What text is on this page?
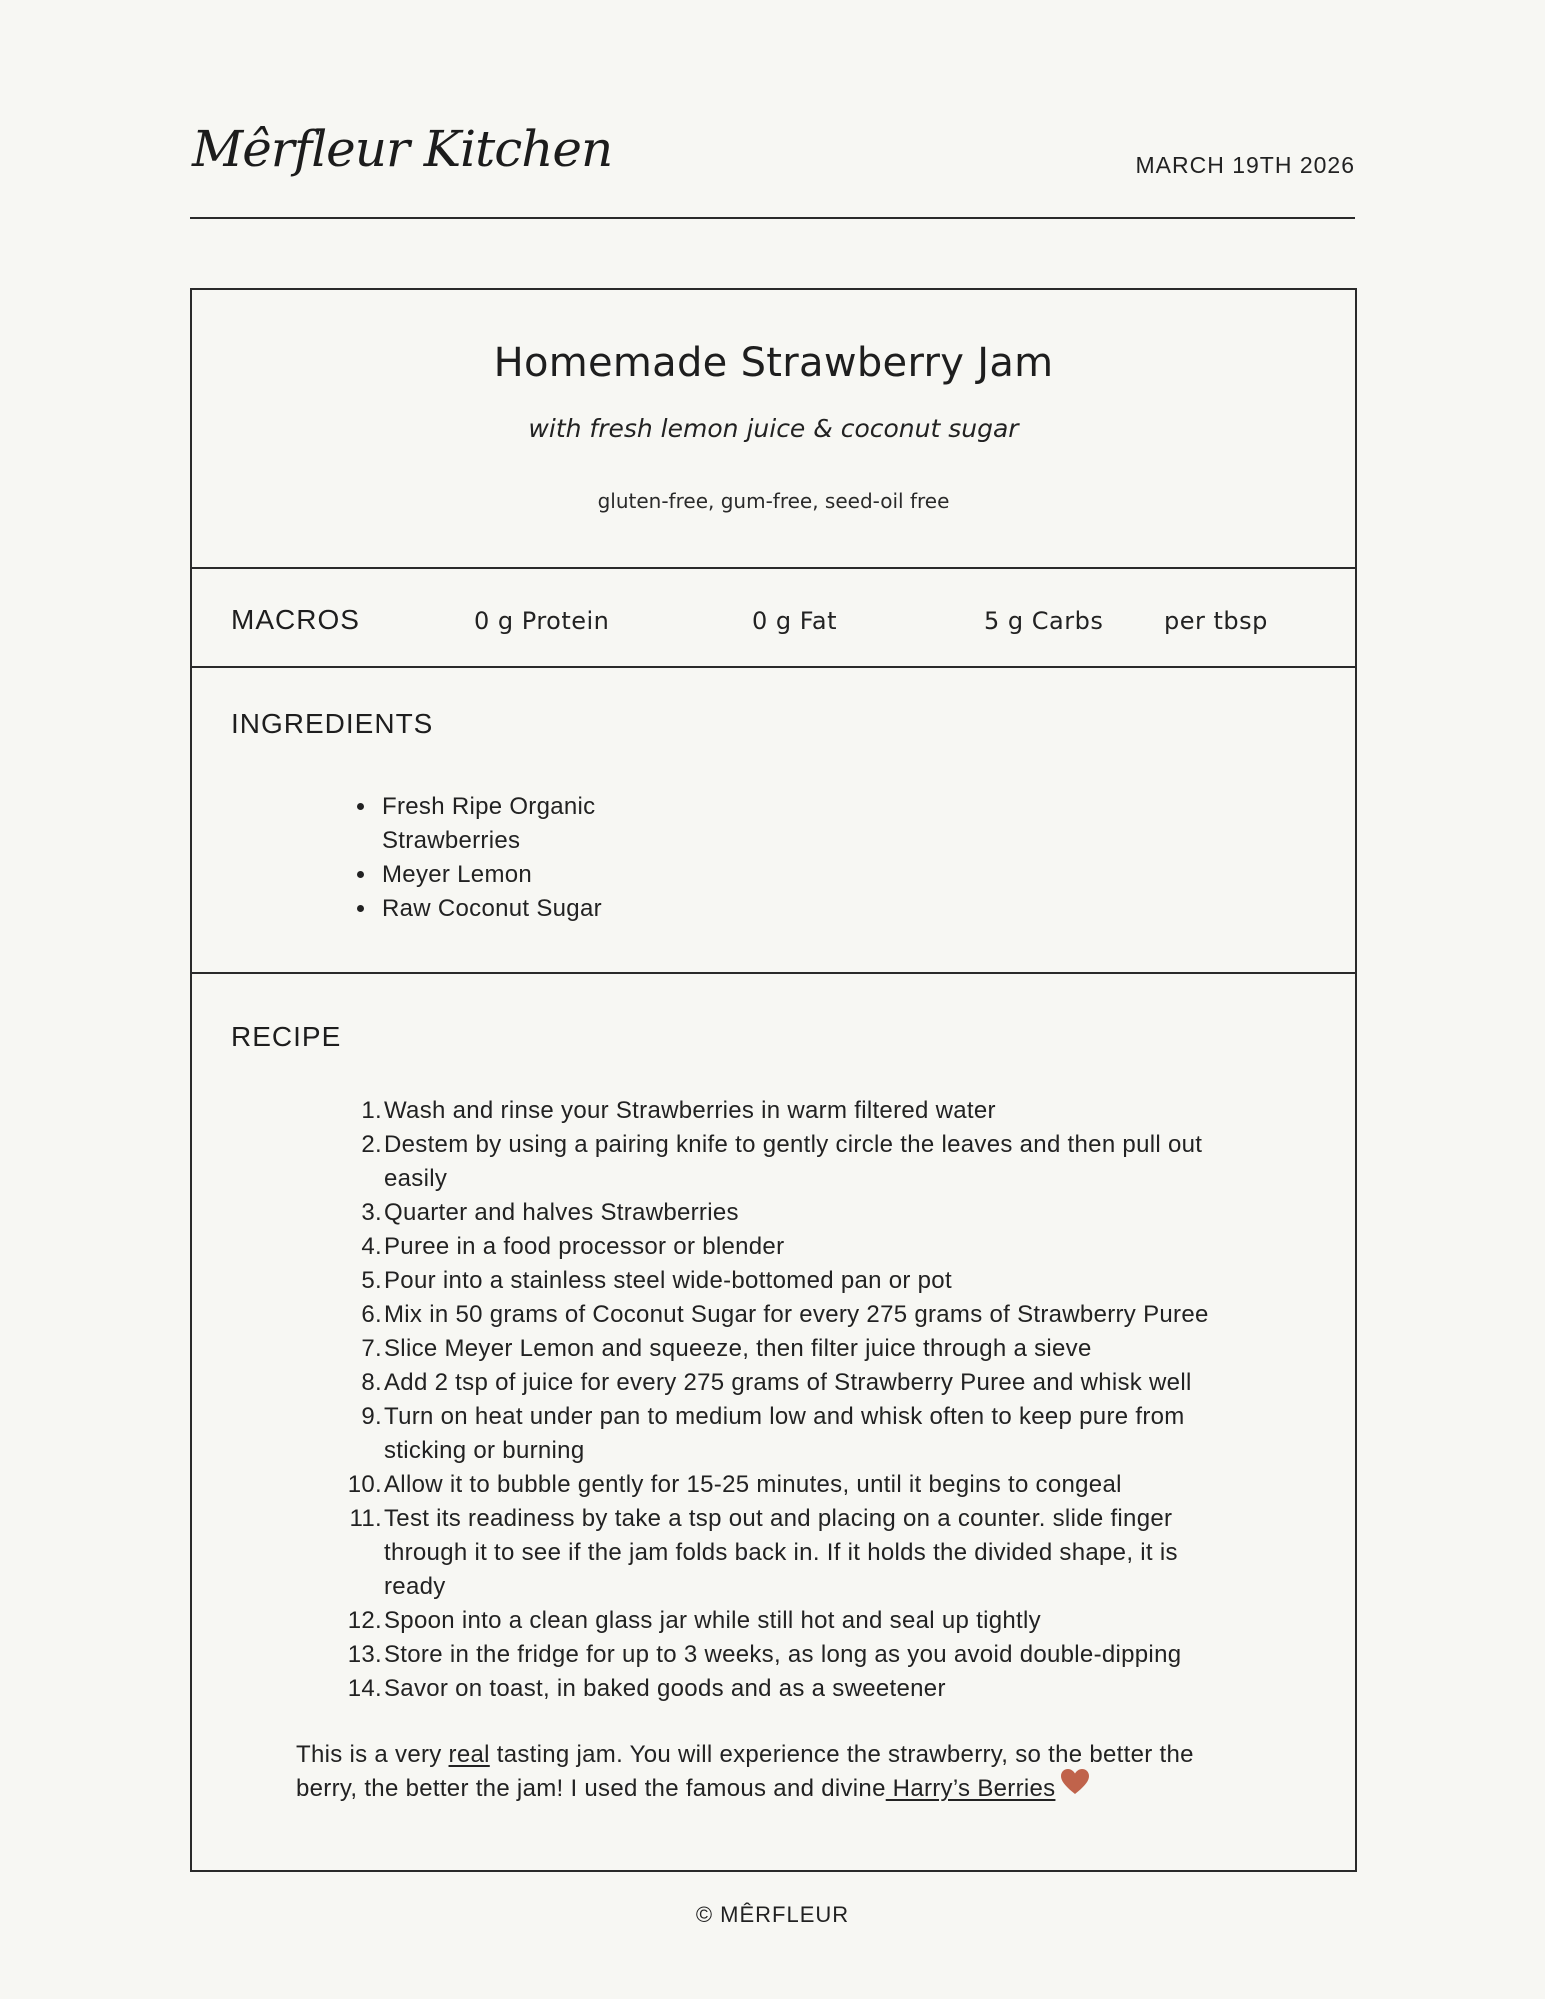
Mêrfleur Kitchen	MARCH 19TH 2026
Homemade Strawberry Jam
with fresh lemon juice & coconut sugar
gluten-free, gum-free, seed-oil free
MACROS	0 g Protein	0 g Fat	5 g Carbs	per tbsp
INGREDIENTS
• Fresh Ripe Organic Strawberries
• Meyer Lemon
• Raw Coconut Sugar
RECIPE
1. Wash and rinse your Strawberries in warm filtered water
2. Destem by using a pairing knife to gently circle the leaves and then pull out easily
3. Quarter and halves Strawberries
4. Puree in a food processor or blender
5. Pour into a stainless steel wide-bottomed pan or pot
6. Mix in 50 grams of Coconut Sugar for every 275 grams of Strawberry Puree
7. Slice Meyer Lemon and squeeze, then filter juice through a sieve
8. Add 2 tsp of juice for every 275 grams of Strawberry Puree and whisk well
9. Turn on heat under pan to medium low and whisk often to keep pure from sticking or burning
10. Allow it to bubble gently for 15-25 minutes, until it begins to congeal
11. Test its readiness by take a tsp out and placing on a counter. slide finger through it to see if the jam folds back in. If it holds the divided shape, it is ready
12. Spoon into a clean glass jar while still hot and seal up tightly
13. Store in the fridge for up to 3 weeks, as long as you avoid double-dipping
14. Savor on toast, in baked goods and as a sweetener
This is a very real tasting jam. You will experience the strawberry, so the better the berry, the better the jam! I used the famous and divine Harry’s Berries
© MÊRFLEUR
